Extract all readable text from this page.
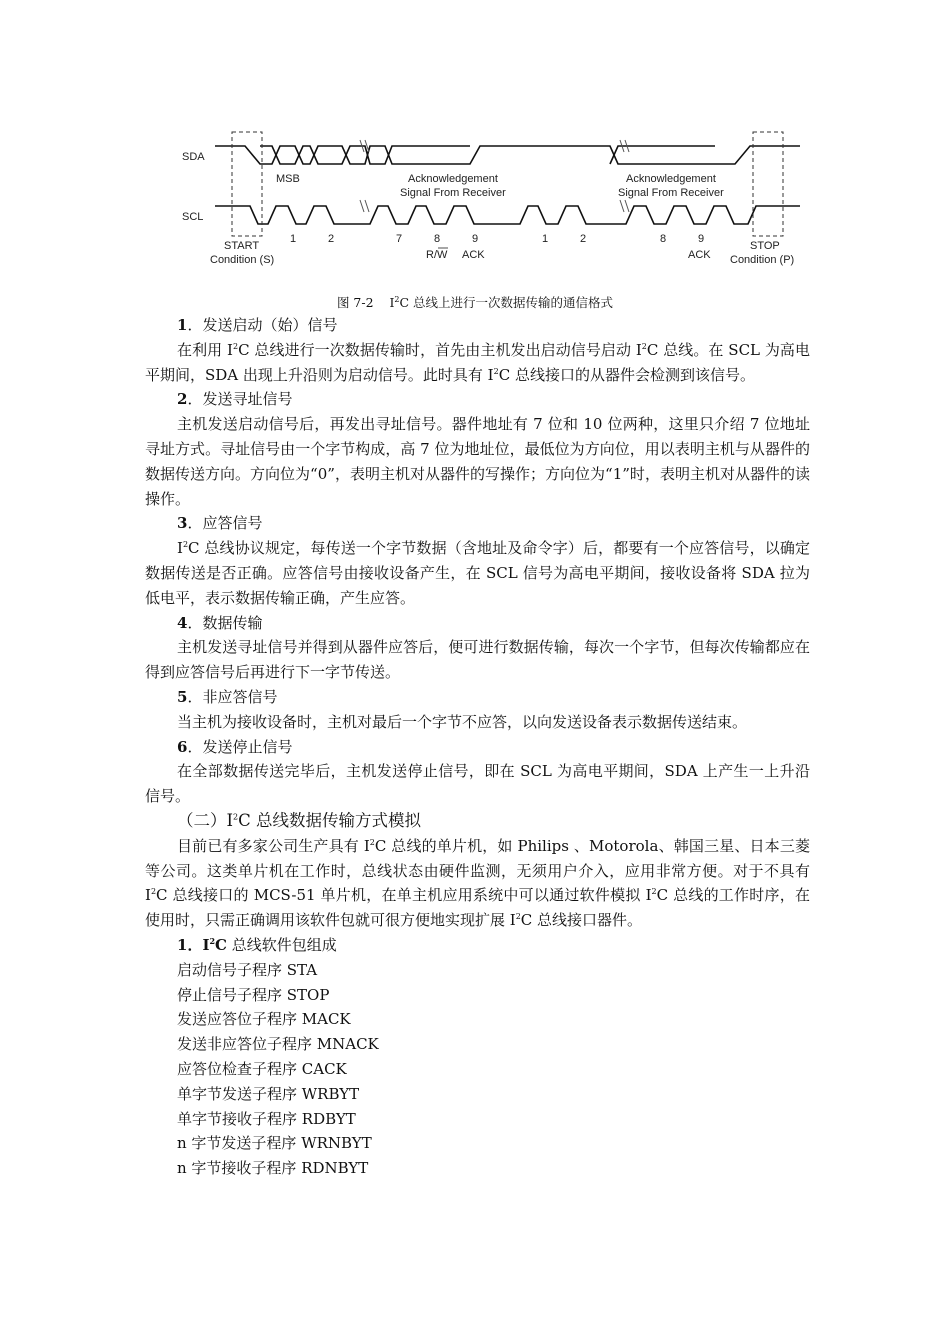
SDA
SCL
MSB	Acknowledgement
Signal From Receiver
Acknowledgement
Signal From Receiver
START
Condition (S)
STOP
Condition (P)
1	2	7	8	9	1	2	8	9
R/W ACK	ACK
图 7-2 $I^2C$ 总线上进行一次数据传输的通信格式

1．发送启动（始）信号

在利用 $I^2C$ 总线进行一次数据传输时，首先由主机发出启动信号启动 $I^2C$ 总线。在 SCL 为高电平期间，SDA 出现上升沿则为启动信号。此时具有 $I^2C$ 总线接口的从器件会检测到该信号。

2．发送寻址信号

主机发送启动信号后，再发出寻址信号。器件地址有 7 位和 10 位两种，这里只介绍 7 位地址寻址方式。寻址信号由一个字节构成，高 7 位为地址位，最低位为方向位，用以表明主机与从器件的数据传送方向。方向位为“0”，表明主机对从器件的写操作；方向位为“1”时，表明主机对从器件的读操作。

3．应答信号

$I^2C$ 总线协议规定，每传送一个字节数据（含地址及命令字）后，都要有一个应答信号，以确定数据传送是否正确。应答信号由接收设备产生，在 SCL 信号为高电平期间，接收设备将 SDA 拉为低电平，表示数据传输正确，产生应答。

4．数据传输

主机发送寻址信号并得到从器件应答后，便可进行数据传输，每次一个字节，但每次传输都应在得到应答信号后再进行下一字节传送。

5．非应答信号

当主机为接收设备时，主机对最后一个字节不应答，以向发送设备表示数据传送结束。

6．发送停止信号

在全部数据传送完毕后，主机发送停止信号，即在 SCL 为高电平期间，SDA 上产生一上升沿信号。

（二）$I^2C$ 总线数据传输方式模拟

目前已有多家公司生产具有 $I^2C$ 总线的单片机，如 Philips 、Motorola、韩国三星、日本三菱等公司。这类单片机在工作时，总线状态由硬件监测，无须用户介入，应用非常方便。对于不具有 $I^2C$ 总线接口的 MCS-51 单片机，在单主机应用系统中可以通过软件模拟 $I^2C$ 总线的工作时序，在使用时，只需正确调用该软件包就可很方便地实现扩展 $I^2C$ 总线接口器件。

1．$I^2C$ 总线软件包组成

启动信号子程序 STA

停止信号子程序 STOP

发送应答位子程序 MACK

发送非应答位子程序 MNACK

应答位检查子程序 CACK

单字节发送子程序 WRBYT

单字节接收子程序 RDBYT

n 字节发送子程序 WRNBYT

n 字节接收子程序 RDNBYT
